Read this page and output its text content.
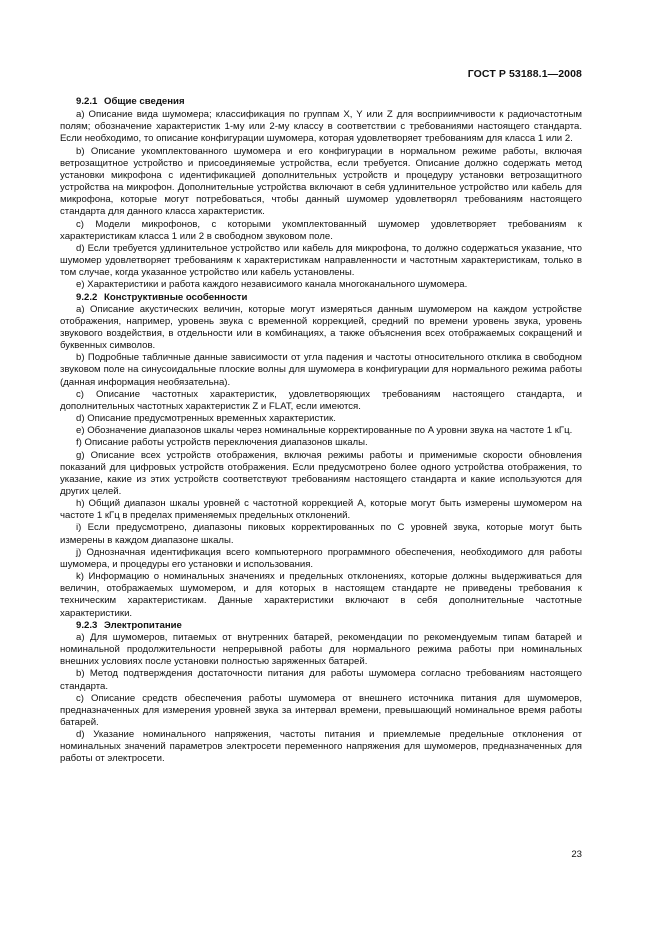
ГОСТ Р 53188.1—2008
9.2.1 Общие сведения

a) Описание вида шумомера; классификация по группам X, Y или Z для восприимчивости к радиочастотным полям; обозначение характеристик 1-му или 2-му классу в соответствии с требованиями настоящего стандарта. Если необходимо, то описание конфигурации шумомера, которая удовлетворяет требованиям для класса 1 или 2.

b) Описание укомплектованного шумомера и его конфигурации в нормальном режиме работы, включая ветрозащитное устройство и присоединяемые устройства, если требуется. Описание должно содержать метод установки микрофона с идентификацией дополнительных устройств и процедуру установки ветрозащитного устройства на микрофон. Дополнительные устройства включают в себя удлинительное устройство или кабель для микрофона, которые могут потребоваться, чтобы данный шумомер удовлетворял требованиям настоящего стандарта для данного класса характеристик.

c) Модели микрофонов, с которыми укомплектованный шумомер удовлетворяет требованиям к характеристикам класса 1 или 2 в свободном звуковом поле.

d) Если требуется удлинительное устройство или кабель для микрофона, то должно содержаться указание, что шумомер удовлетворяет требованиям к характеристикам направленности и частотным характеристикам, только в том случае, когда указанное устройство или кабель установлены.

e) Характеристики и работа каждого независимого канала многоканального шумомера.

9.2.2 Конструктивные особенности

a) Описание акустических величин, которые могут измеряться данным шумомером на каждом устройстве отображения, например, уровень звука с временной коррекцией, средний по времени уровень звука, уровень звукового воздействия, в отдельности или в комбинациях, а также объяснения всех отображаемых сокращений и буквенных символов.

b) Подробные табличные данные зависимости от угла падения и частоты относительного отклика в свободном звуковом поле на синусоидальные плоские волны для шумомера в конфигурации для нормального режима работы (данная информация необязательна).

c) Описание частотных характеристик, удовлетворяющих требованиям настоящего стандарта, и дополнительных частотных характеристик Z и FLAT, если имеются.

d) Описание предусмотренных временных характеристик.

e) Обозначение диапазонов шкалы через номинальные корректированные по A уровни звука на частоте 1 кГц.

f) Описание работы устройств переключения диапазонов шкалы.

g) Описание всех устройств отображения, включая режимы работы и применимые скорости обновления показаний для цифровых устройств отображения. Если предусмотрено более одного устройства отображения, то указание, какие из этих устройств соответствуют требованиям настоящего стандарта и какие используются для других целей.

h) Общий диапазон шкалы уровней с частотной коррекцией A, которые могут быть измерены шумомером на частоте 1 кГц в пределах применяемых предельных отклонений.

i) Если предусмотрено, диапазоны пиковых корректированных по C уровней звука, которые могут быть измерены в каждом диапазоне шкалы.

j) Однозначная идентификация всего компьютерного программного обеспечения, необходимого для работы шумомера, и процедуры его установки и использования.

k) Информацию о номинальных значениях и предельных отклонениях, которые должны выдерживаться для величин, отображаемых шумомером, и для которых в настоящем стандарте не приведены требования к техническим характеристикам. Данные характеристики включают в себя дополнительные частотные характеристики.

9.2.3 Электропитание

a) Для шумомеров, питаемых от внутренних батарей, рекомендации по рекомендуемым типам батарей и номинальной продолжительности непрерывной работы для нормального режима работы при номинальных внешних условиях после установки полностью заряженных батарей.

b) Метод подтверждения достаточности питания для работы шумомера согласно требованиям настоящего стандарта.

c) Описание средств обеспечения работы шумомера от внешнего источника питания для шумомеров, предназначенных для измерения уровней звука за интервал времени, превышающий номинальное время работы батарей.

d) Указание номинального напряжения, частоты питания и приемлемые предельные отклонения от номинальных значений параметров электросети переменного напряжения для шумомеров, предназначенных для работы от электросети.

23
